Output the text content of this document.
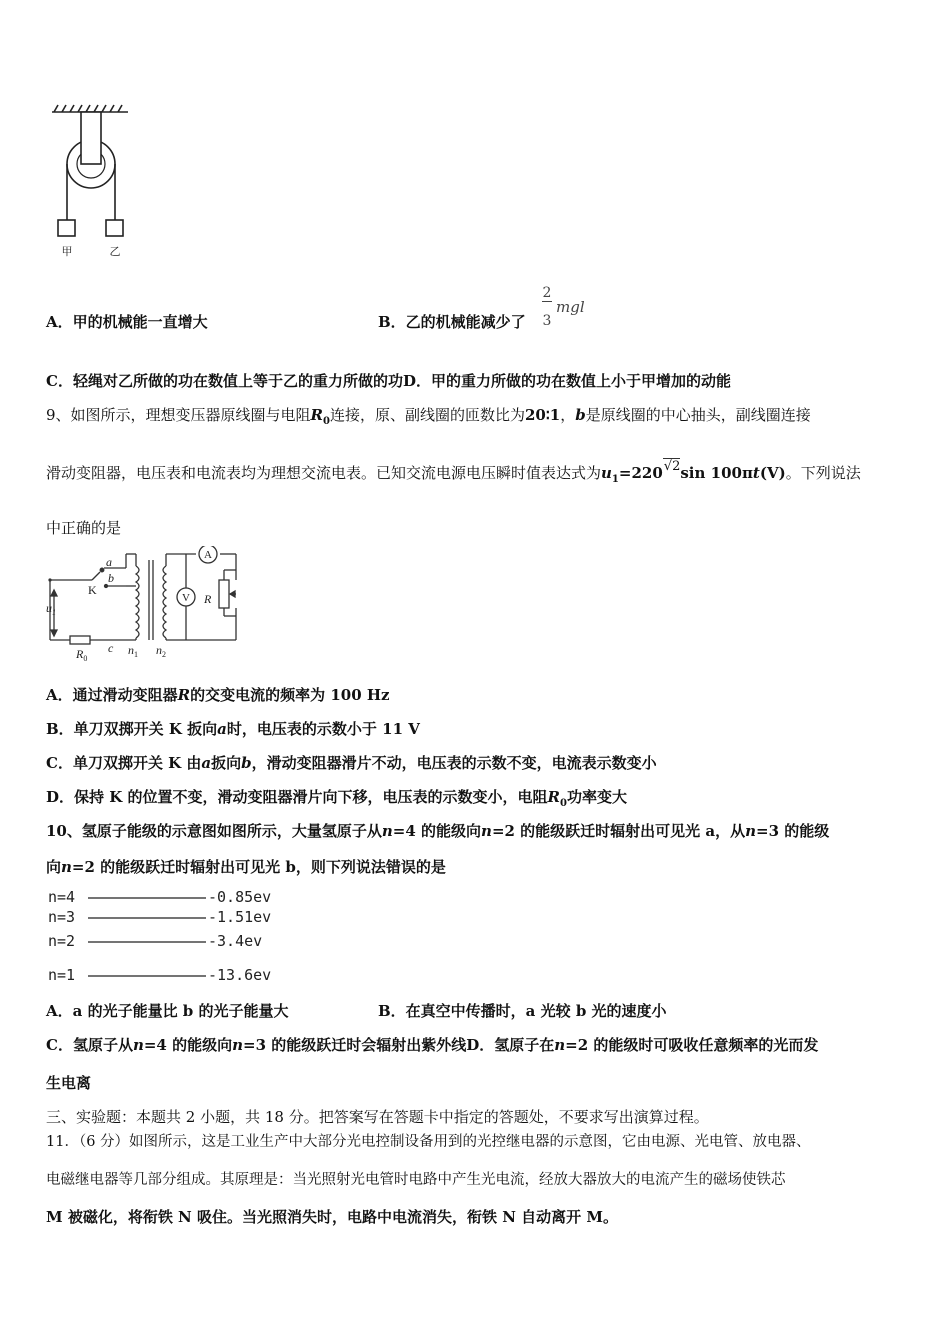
甲	乙
A．甲的机械能一直增大	B．乙的机械能减少了
2
3
mgl
C．轻绳对乙所做的功在数值上等于乙的重力所做的功D．甲的重力所做的功在数值上小于甲增加的动能
9、如图所示，理想变压器原线圈与电阻$R_0$连接，原、副线圈的匝数比为20∶1，b是原线圈的中心抽头，副线圈连接
滑动变阻器，电压表和电流表均为理想交流电表。已知交流电源电压瞬时值表达式为$u_1=220√2\sin$ 100πt(V)。下列说法
中正确的是
a
b
K
$u_1$
$R_0$
c $n_1$ $n_2$
A
V R
A．通过滑动变阻器R的交变电流的频率为 100 Hz
B．单刀双掷开关 K 扳向a时，电压表的示数小于 11 V
C．单刀双掷开关 K 由a扳向b，滑动变阻器滑片不动，电压表的示数不变，电流表示数变小
D．保持 K 的位置不变，滑动变阻器滑片向下移，电压表的示数变小，电阻$R_0$功率变大
10、氢原子能级的示意图如图所示，大量氢原子从n=4 的能级向n=2 的能级跃迁时辐射出可见光 a，从n=3 的能级
向n=2 的能级跃迁时辐射出可见光 b，则下列说法错误的是
n=4	-0.85ev
n=3	-1.51ev
n=2	-3.4ev
n=1	-13.6ev
A．a 的光子能量比 b 的光子能量大	B．在真空中传播时，a 光较 b 光的速度小
C．氢原子从n=4 的能级向n=3 的能级跃迁时会辐射出紫外线D．氢原子在n=2 的能级时可吸收任意频率的光而发
生电离
三、实验题：本题共 2 小题，共 18 分。把答案写在答题卡中指定的答题处，不要求写出演算过程。
11．（6 分）如图所示，这是工业生产中大部分光电控制设备用到的光控继电器的示意图，它由电源、光电管、放电器、
电磁继电器等几部分组成。其原理是：当光照射光电管时电路中产生光电流，经放大器放大的电流产生的磁场使铁芯
M 被磁化，将衔铁 N 吸住。当光照消失时，电路中电流消失，衔铁 N 自动离开 M。
